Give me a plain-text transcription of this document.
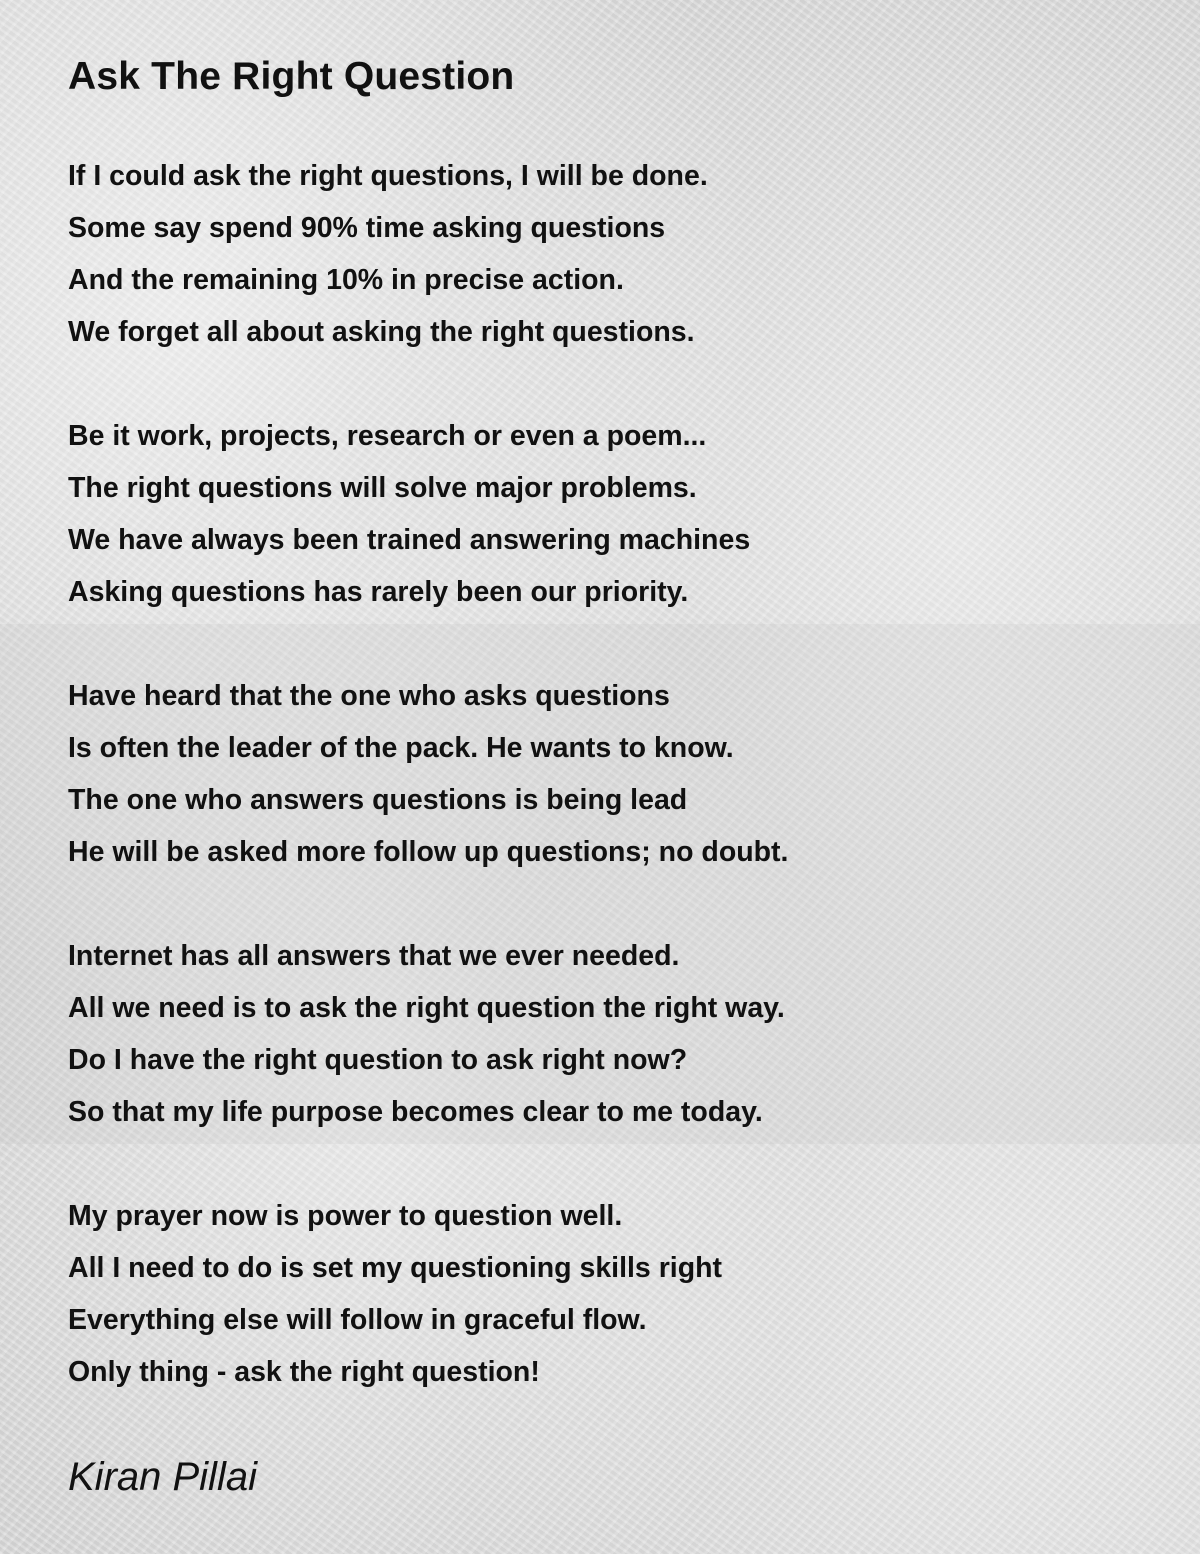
Ask The Right Question
If I could ask the right questions, I will be done.
Some say spend 90% time asking questions
And the remaining 10% in precise action.
We forget all about asking the right questions.
Be it work, projects, research or even a poem...
The right questions will solve major problems.
We have always been trained answering machines
Asking questions has rarely been our priority.
Have heard that the one who asks questions
Is often the leader of the pack. He wants to know.
The one who answers questions is being lead
He will be asked more follow up questions; no doubt.
Internet has all answers that we ever needed.
All we need is to ask the right question the right way.
Do I have the right question to ask right now?
So that my life purpose becomes clear to me today.
My prayer now is power to question well.
All I need to do is set my questioning skills right
Everything else will follow in graceful flow.
Only thing - ask the right question!
Kiran Pillai
